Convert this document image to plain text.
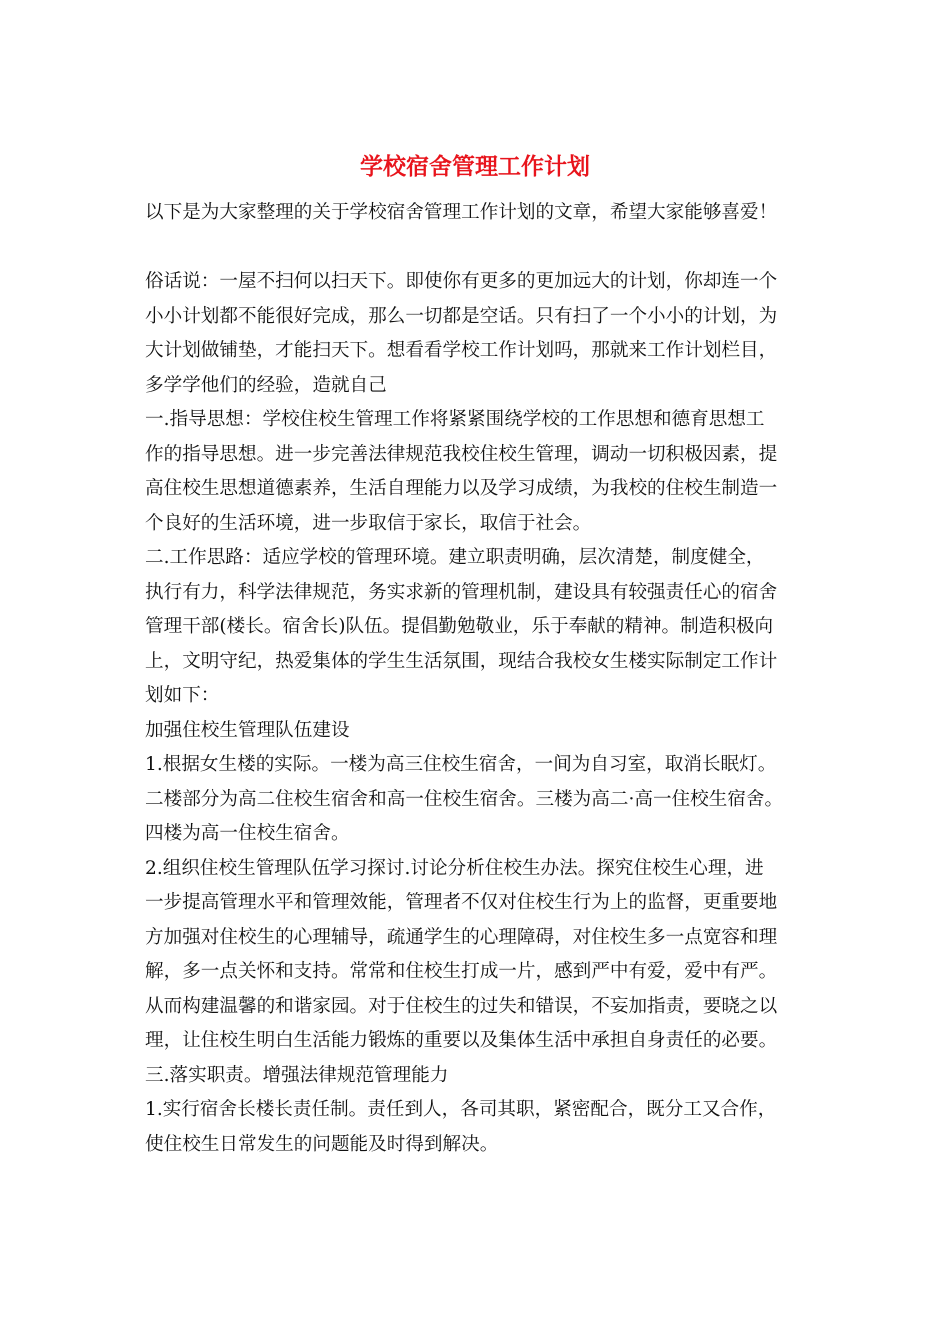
学校宿舍管理工作计划
以下是为大家整理的关于学校宿舍管理工作计划的文章，希望大家能够喜爱！
俗话说：一屋不扫何以扫天下。即使你有更多的更加远大的计划，你却连一个
小小计划都不能很好完成，那么一切都是空话。只有扫了一个小小的计划，为
大计划做铺垫，才能扫天下。想看看学校工作计划吗，那就来工作计划栏目，
多学学他们的经验，造就自己
一.指导思想：学校住校生管理工作将紧紧围绕学校的工作思想和德育思想工
作的指导思想。进一步完善法律规范我校住校生管理，调动一切积极因素，提
高住校生思想道德素养，生活自理能力以及学习成绩，为我校的住校生制造一
个良好的生活环境，进一步取信于家长，取信于社会。
二.工作思路：适应学校的管理环境。建立职责明确，层次清楚，制度健全，
执行有力，科学法律规范，务实求新的管理机制，建设具有较强责任心的宿舍
管理干部(楼长。宿舍长)队伍。提倡勤勉敬业，乐于奉献的精神。制造积极向
上，文明守纪，热爱集体的学生生活氛围，现结合我校女生楼实际制定工作计
划如下：
加强住校生管理队伍建设
1.根据女生楼的实际。一楼为高三住校生宿舍，一间为自习室，取消长眠灯。
二楼部分为高二住校生宿舍和高一住校生宿舍。三楼为高二·高一住校生宿舍。
四楼为高一住校生宿舍。
2.组织住校生管理队伍学习探讨.讨论分析住校生办法。探究住校生心理，进
一步提高管理水平和管理效能，管理者不仅对住校生行为上的监督，更重要地
方加强对住校生的心理辅导，疏通学生的心理障碍，对住校生多一点宽容和理
解，多一点关怀和支持。常常和住校生打成一片，感到严中有爱，爱中有严。
从而构建温馨的和谐家园。对于住校生的过失和错误，不妄加指责，要晓之以
理，让住校生明白生活能力锻炼的重要以及集体生活中承担自身责任的必要。
三.落实职责。增强法律规范管理能力
1.实行宿舍长楼长责任制。责任到人，各司其职，紧密配合，既分工又合作，
使住校生日常发生的问题能及时得到解决。
